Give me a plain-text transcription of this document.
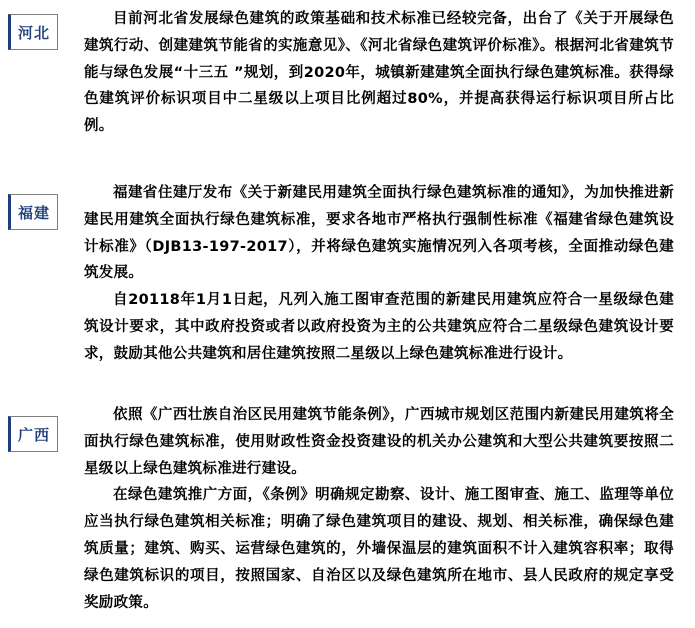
河北

目前河北省发展绿色建筑的政策基础和技术标准已经较完备，出台了《关于开展绿色建筑行动、创建建筑节能省的实施意见》、《河北省绿色建筑评价标准》。根据河北省建筑节能与绿色发展“十三五 ”规划，到2020年，城镇新建建筑全面执行绿色建筑标准。获得绿色建筑评价标识项目中二星级以上项目比例超过80%，并提高获得运行标识项目所占比例。

福建

福建省住建厅发布《关于新建民用建筑全面执行绿色建筑标准的通知》，为加快推进新建民用建筑全面执行绿色建筑标准，要求各地市严格执行强制性标准《福建省绿色建筑设计标准》（DJB13-197-2017），并将绿色建筑实施情况列入各项考核，全面推动绿色建筑发展。

自20118年1月1日起，凡列入施工图审查范围的新建民用建筑应符合一星级绿色建筑设计要求，其中政府投资或者以政府投资为主的公共建筑应符合二星级绿色建筑设计要求，鼓励其他公共建筑和居住建筑按照二星级以上绿色建筑标准进行设计。

广西

依照《广西壮族自治区民用建筑节能条例》，广西城市规划区范围内新建民用建筑将全面执行绿色建筑标准，使用财政性资金投资建设的机关办公建筑和大型公共建筑要按照二星级以上绿色建筑标准进行建设。

在绿色建筑推广方面，《条例》明确规定勘察、设计、施工图审查、施工、监理等单位应当执行绿色建筑相关标准；明确了绿色建筑项目的建设、规划、相关标准，确保绿色建筑质量；建筑、购买、运营绿色建筑的，外墙保温层的建筑面积不计入建筑容积率；取得绿色建筑标识的项目，按照国家、自治区以及绿色建筑所在地市、县人民政府的规定享受奖励政策。
